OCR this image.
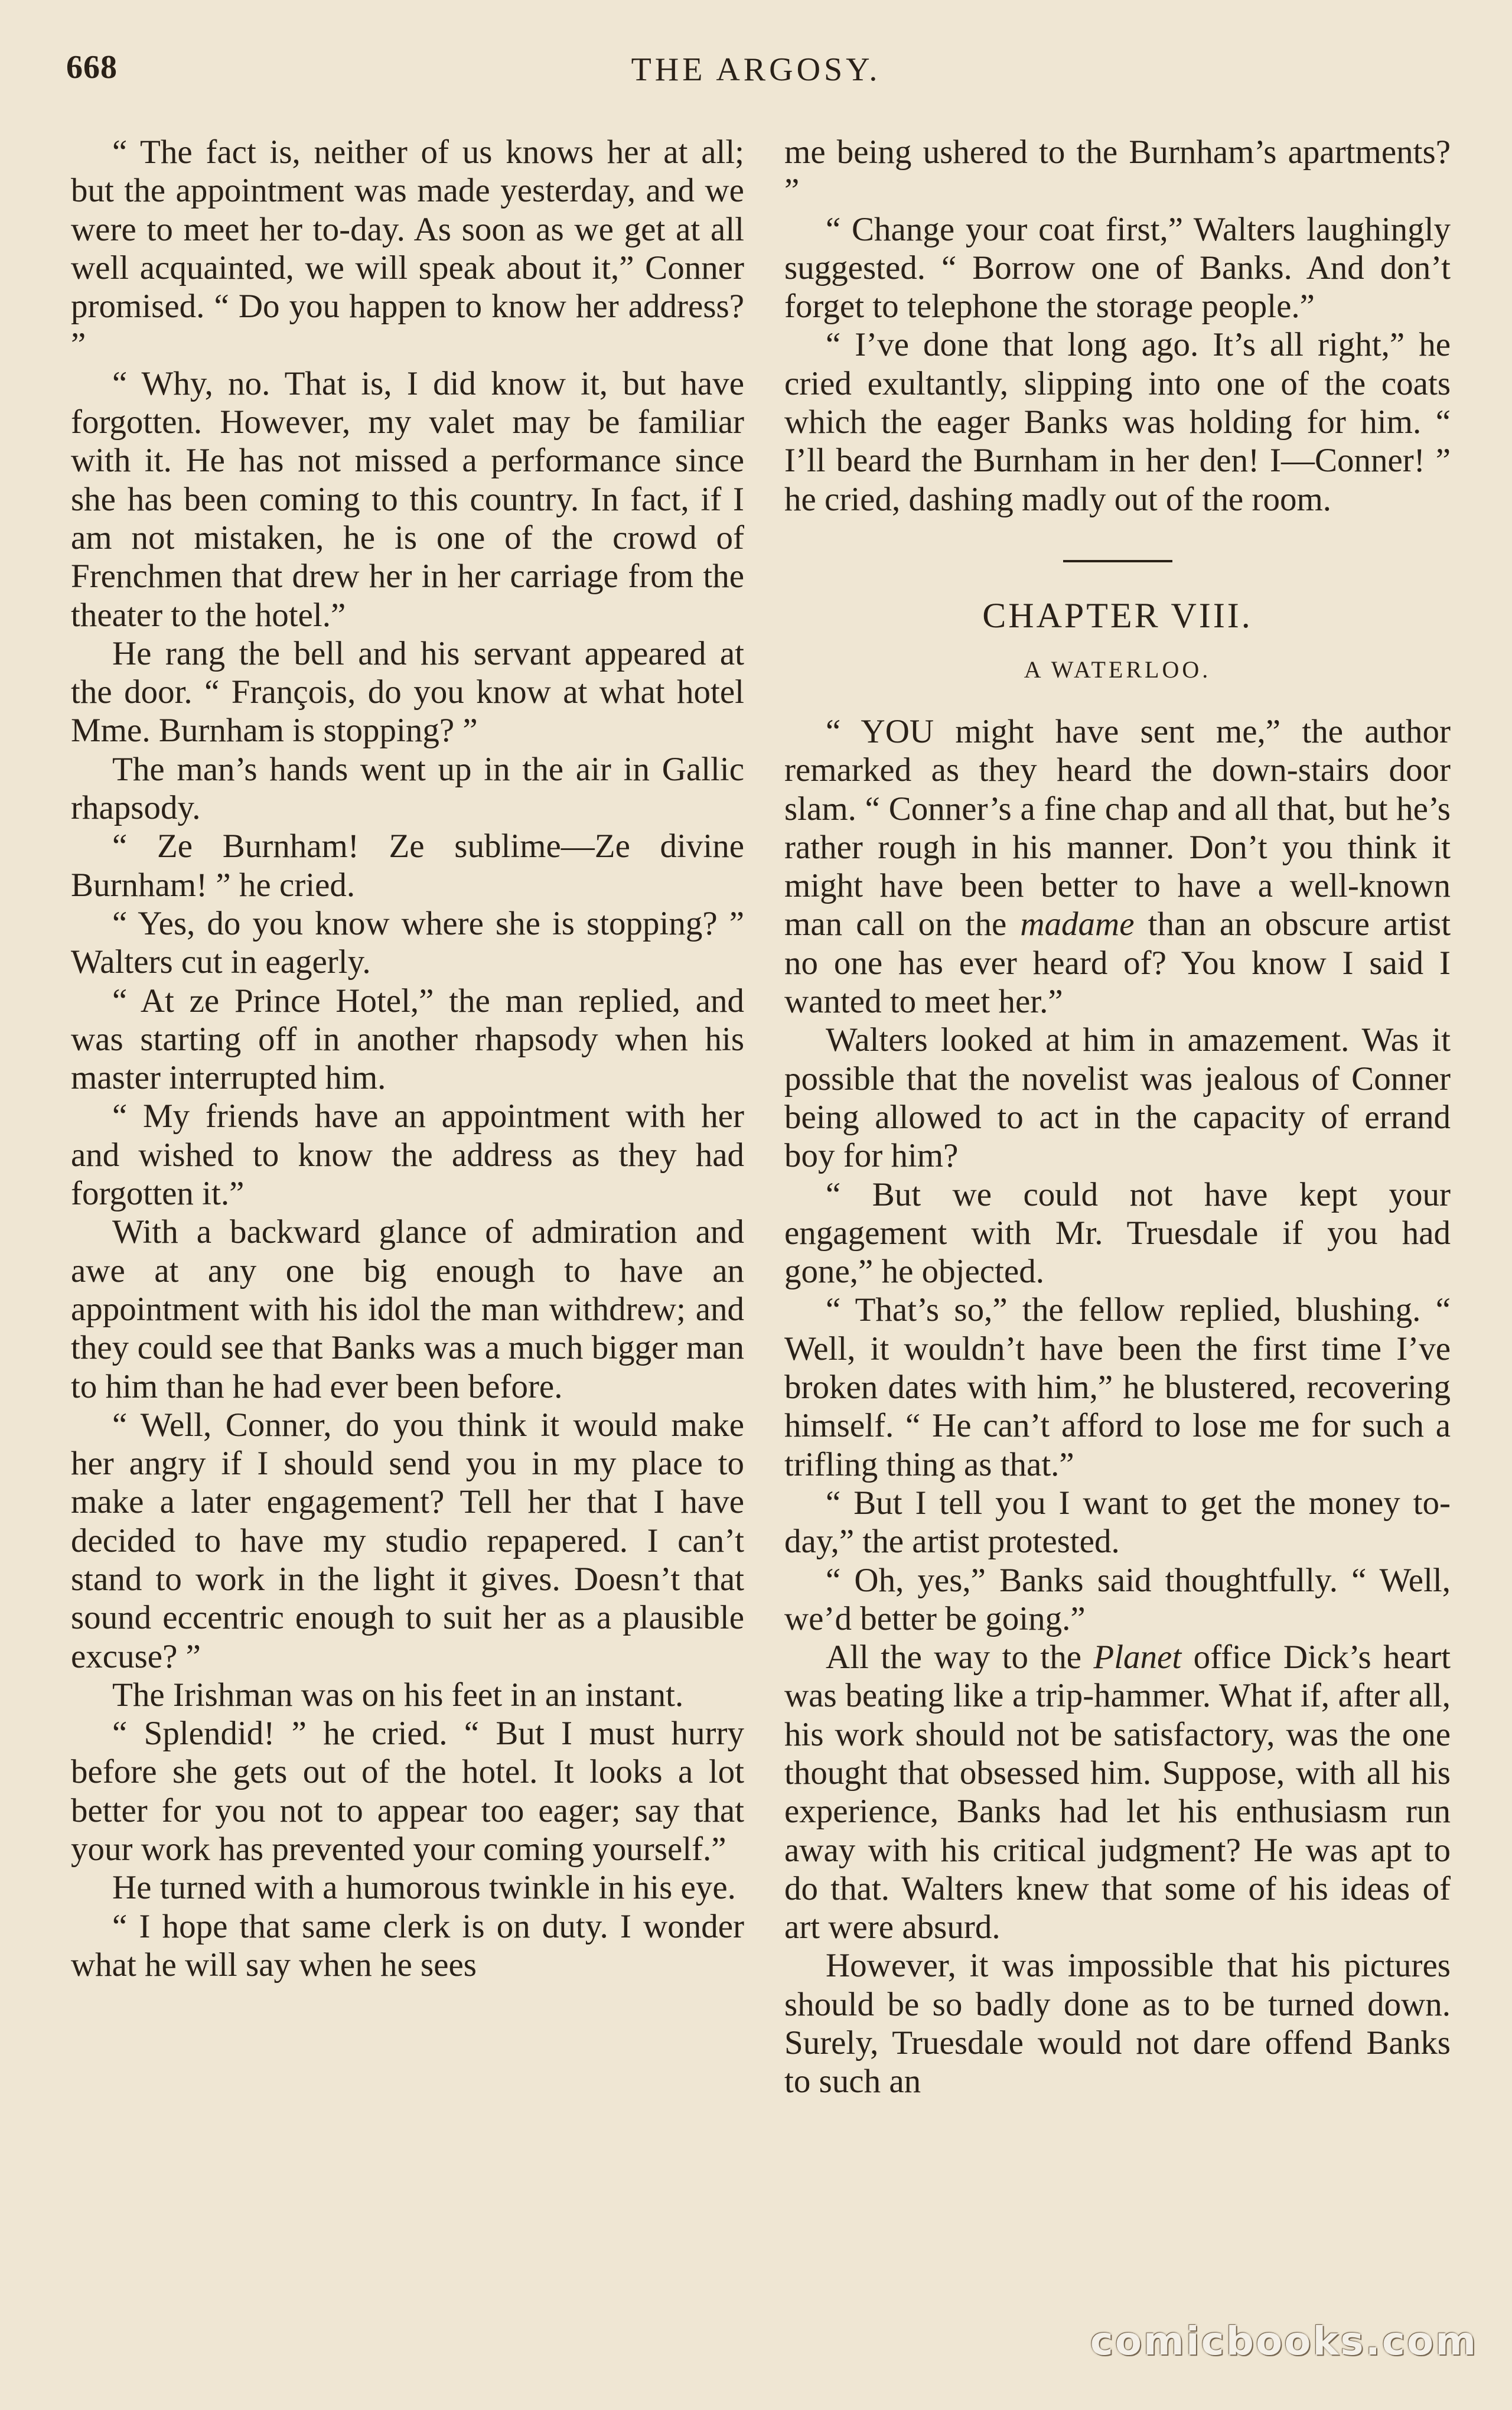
668	THE ARGOSY.

“ The fact is, neither of us knows her at all; but the appointment was made yesterday, and we were to meet her to-day. As soon as we get at all well acquainted, we will speak about it,” Conner promised. “ Do you happen to know her address? ”

“ Why, no. That is, I did know it, but have forgotten. However, my valet may be familiar with it. He has not missed a performance since she has been coming to this country. In fact, if I am not mistaken, he is one of the crowd of Frenchmen that drew her in her carriage from the theater to the hotel.”

He rang the bell and his servant appeared at the door. “ François, do you know at what hotel Mme. Burnham is stopping? ”

The man’s hands went up in the air in Gallic rhapsody.

“ Ze Burnham! Ze sublime—Ze divine Burnham! ” he cried.

“ Yes, do you know where she is stopping? ” Walters cut in eagerly.

“ At ze Prince Hotel,” the man replied, and was starting off in another rhapsody when his master interrupted him.

“ My friends have an appointment with her and wished to know the address as they had forgotten it.”

With a backward glance of admiration and awe at any one big enough to have an appointment with his idol the man withdrew; and they could see that Banks was a much bigger man to him than he had ever been before.

“ Well, Conner, do you think it would make her angry if I should send you in my place to make a later engagement? Tell her that I have decided to have my studio repapered. I can’t stand to work in the light it gives. Doesn’t that sound eccentric enough to suit her as a plausible excuse? ”

The Irishman was on his feet in an instant.

“ Splendid! ” he cried. “ But I must hurry before she gets out of the hotel. It looks a lot better for you not to appear too eager; say that your work has prevented your coming yourself.”

He turned with a humorous twinkle in his eye.

“ I hope that same clerk is on duty. I wonder what he will say when he sees

me being ushered to the Burnham’s apartments? ”

“ Change your coat first,” Walters laughingly suggested. “ Borrow one of Banks. And don’t forget to telephone the storage people.”

“ I’ve done that long ago. It’s all right,” he cried exultantly, slipping into one of the coats which the eager Banks was holding for him. “ I’ll beard the Burnham in her den! I—Conner! ” he cried, dashing madly out of the room.

CHAPTER VIII.
A WATERLOO.

“ YOU might have sent me,” the author remarked as they heard the down-stairs door slam. “ Conner’s a fine chap and all that, but he’s rather rough in his manner. Don’t you think it might have been better to have a well-known man call on the madame than an obscure artist no one has ever heard of? You know I said I wanted to meet her.”

Walters looked at him in amazement. Was it possible that the novelist was jealous of Conner being allowed to act in the capacity of errand boy for him?

“ But we could not have kept your engagement with Mr. Truesdale if you had gone,” he objected.

“ That’s so,” the fellow replied, blushing. “ Well, it wouldn’t have been the first time I’ve broken dates with him,” he blustered, recovering himself. “ He can’t afford to lose me for such a trifling thing as that.”

“ But I tell you I want to get the money to-day,” the artist protested.

“ Oh, yes,” Banks said thoughtfully. “ Well, we’d better be going.”

All the way to the Planet office Dick’s heart was beating like a trip-hammer. What if, after all, his work should not be satisfactory, was the one thought that obsessed him. Suppose, with all his experience, Banks had let his enthusiasm run away with his critical judgment? He was apt to do that. Walters knew that some of his ideas of art were absurd.

However, it was impossible that his pictures should be so badly done as to be turned down. Surely, Truesdale would not dare offend Banks to such an

comicbooks.com
